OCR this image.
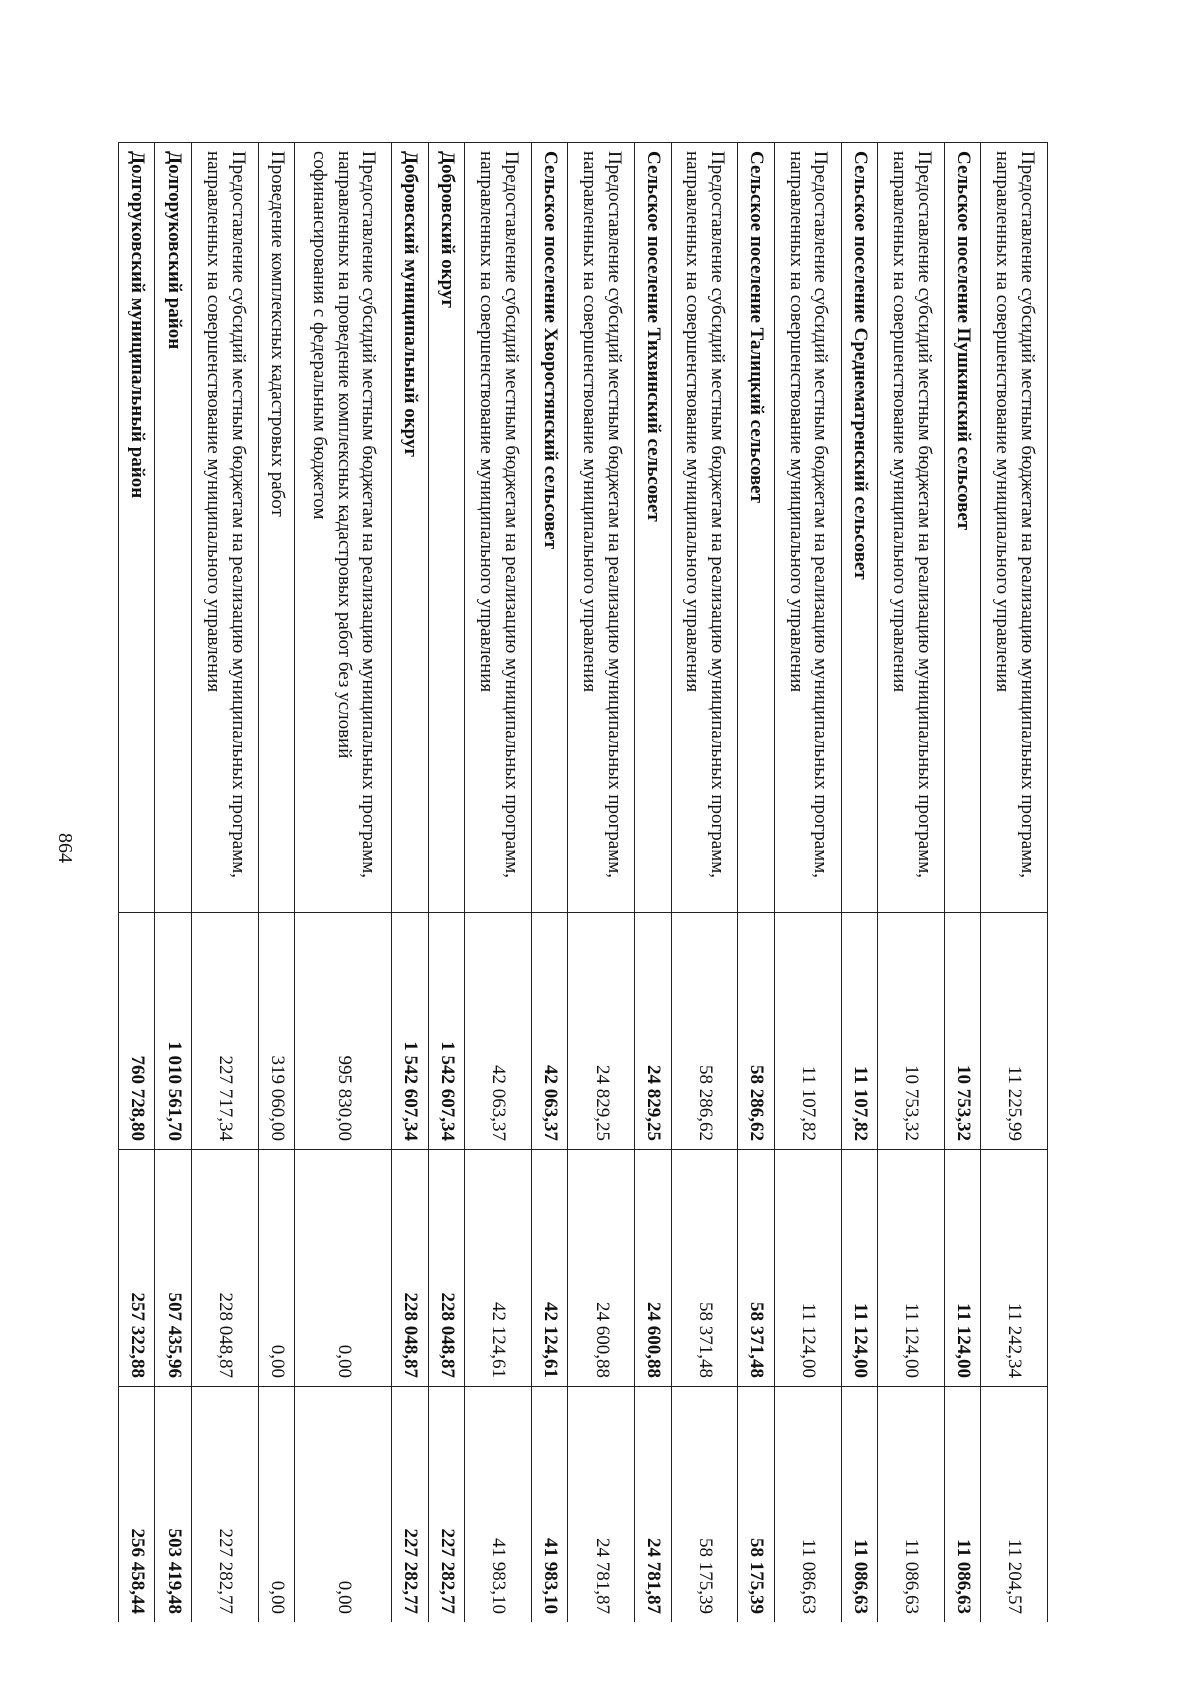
864	Предоставление субсидий местным бюджетам на реализацию муниципальных программ, направленных на совершенствование муниципального управления	11 225,99	11 242,34	11 204,57
Сельское поселение Пушкинский сельсовет	10 753,32	11 124,00	11 086,63
Предоставление субсидий местным бюджетам на реализацию муниципальных программ, направленных на совершенствование муниципального управления	10 753,32	11 124,00	11 086,63
Сельское поселение Среднематренский сельсовет	11 107,82	11 124,00	11 086,63
Предоставление субсидий местным бюджетам на реализацию муниципальных программ, направленных на совершенствование муниципального управления	11 107,82	11 124,00	11 086,63
Сельское поселение Талицкий сельсовет	58 286,62	58 371,48	58 175,39
Предоставление субсидий местным бюджетам на реализацию муниципальных программ, направленных на совершенствование муниципального управления	58 286,62	58 371,48	58 175,39
Сельское поселение Тихвинский сельсовет	24 829,25	24 600,88	24 781,87
Предоставление субсидий местным бюджетам на реализацию муниципальных программ, направленных на совершенствование муниципального управления	24 829,25	24 600,88	24 781,87
Сельское поселение Хворостянский сельсовет	42 063,37	42 124,61	41 983,10
Предоставление субсидий местным бюджетам на реализацию муниципальных программ, направленных на совершенствование муниципального управления	42 063,37	42 124,61	41 983,10
Добровский округ	1 542 607,34	228 048,87	227 282,77
Добровский муниципальный округ	1 542 607,34	228 048,87	227 282,77
Предоставление субсидий местным бюджетам на реализацию муниципальных программ, направленных на проведение комплексных кадастровых работ без условий софинансирования с федеральным бюджетом	995 830,00	0,00	0,00
Проведение комплексных кадастровых работ	319 060,00	0,00	0,00
Предоставление субсидий местным бюджетам на реализацию муниципальных программ, направленных на совершенствование муниципального управления	227 717,34	228 048,87	227 282,77
Долгоруковский район	1 010 561,70	507 435,96	503 419,48
Долгоруковский муниципальный район	760 728,80	257 322,88	256 458,44
